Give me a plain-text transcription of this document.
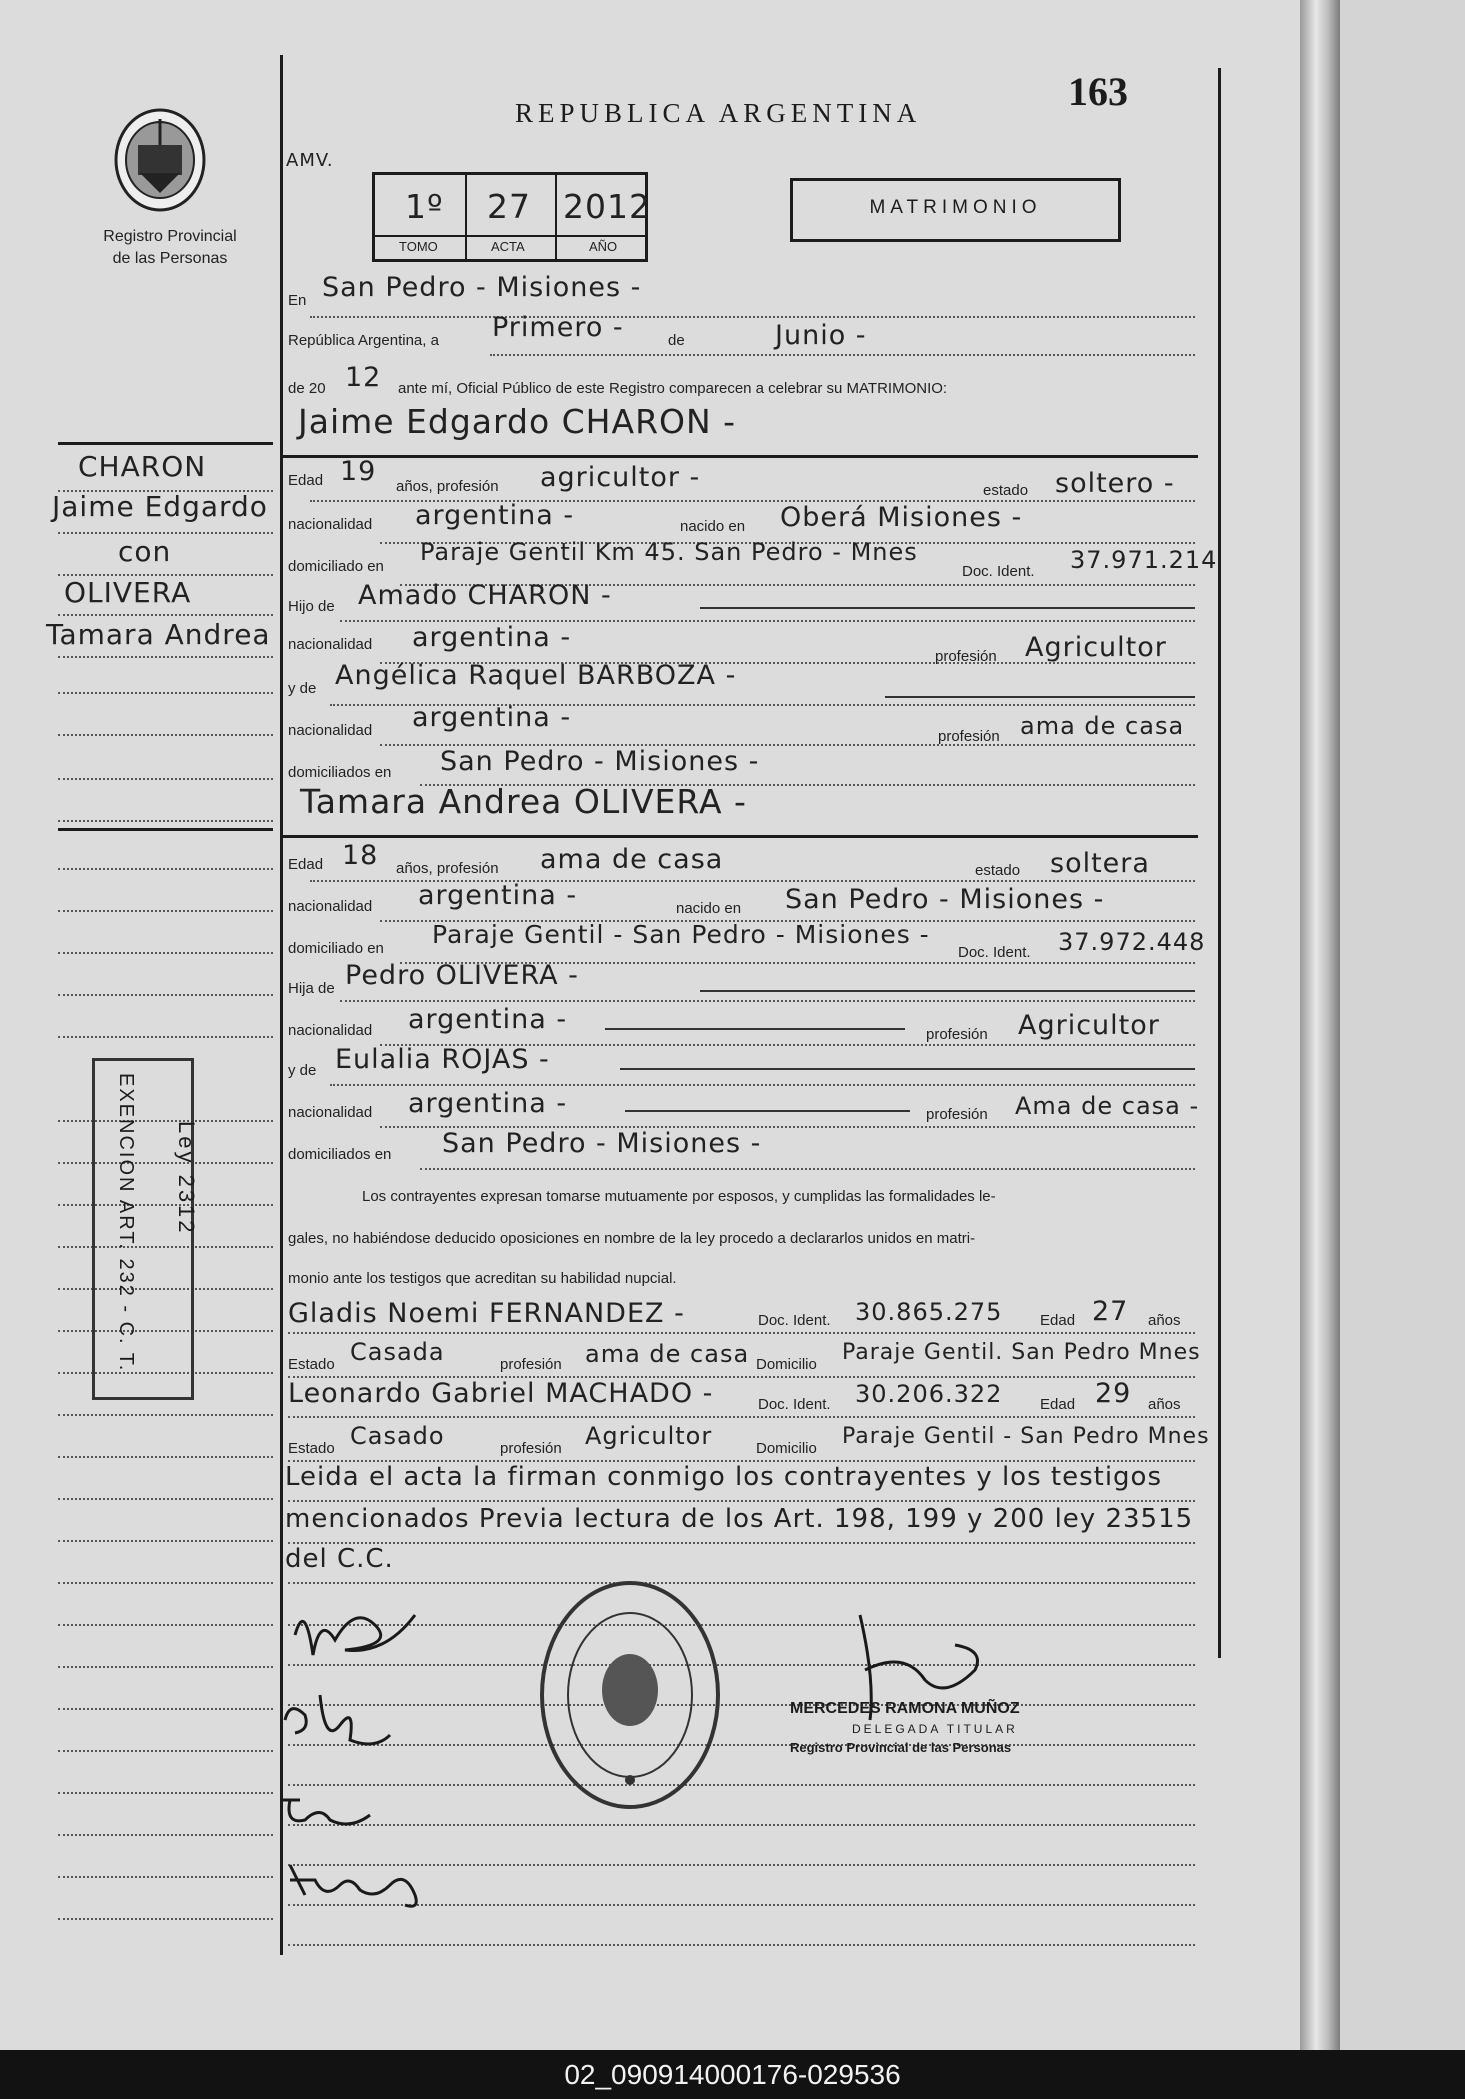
Registro Provincial
de las Personas
REPUBLICA ARGENTINA	163
AMV.
1º 27 2012
TOMO	ACTA	AÑO
MATRIMONIO
En San Pedro - Misiones -
República Argentina, a Primero -	de	Junio -
de 20 12 ante mí, Oficial Público de este Registro comparecen a celebrar su MATRIMONIO:
Jaime Edgardo CHARON -
Edad 19 años, profesión agricultor -	estado soltero -
nacionalidad argentina -	nacido en Oberá Misiones -
domiciliado en
Paraje Gentil Km 45. San Pedro - Mnes
Doc. Ident. 37.971.214
Hijo de Amado CHARON -
nacionalidad argentina -
profesión Agricultor
y de Angélica Raquel BARBOZA -
nacionalidad argentina -
profesión ama de casa
domiciliados en San Pedro - Misiones -
Tamara Andrea OLIVERA -
Edad 18 años, profesión ama de casa	estado soltera
nacionalidad argentina -	nacido en San Pedro - Misiones -
domiciliado en Paraje Gentil - San Pedro - Misiones -
Doc. Ident. 37.972.448
Hija de Pedro OLIVERA -
nacionalidad argentina -	profesión Agricultor
y de Eulalia ROJAS -
nacionalidad argentina -	profesión Ama de casa -
domiciliados en San Pedro - Misiones -
Los contrayentes expresan tomarse mutuamente por esposos, y cumplidas las formalidades le-
gales, no habiéndose deducido oposiciones en nombre de la ley procedo a declararlos unidos en matri-
monio ante los testigos que acreditan su habilidad nupcial.
Gladis Noemi FERNANDEZ -	Doc. Ident. 30.865.275	Edad 27 años
Estado Casada	profesión ama de casa Domicilio Paraje Gentil. San Pedro Mnes
Leonardo Gabriel MACHADO -	Doc. Ident. 30.206.322	Edad 29 años
Estado Casado	profesión Agricultor	Domicilio Paraje Gentil - San Pedro Mnes
Leida el acta la firman conmigo los contrayentes y los testigos
mencionados Previa lectura de los Art. 198, 199 y 200 ley 23515
del C.C.
MERCEDES RAMONA MUÑOZ
DELEGADA TITULAR
Registro Provincial de las Personas
CHARON
Jaime Edgardo
con
OLIVERA
Tamara Andrea
Ley 2312
EXENCION ART. 232 - C. T.
02_090914000176-029536
